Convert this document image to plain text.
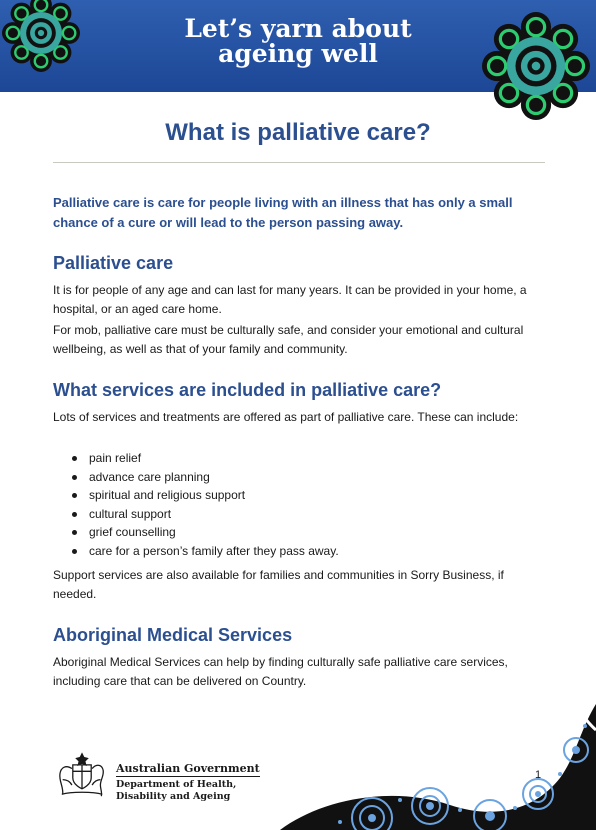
Let’s yarn about
ageing well
What is palliative care?

Palliative care is care for people living with an illness that has only a small chance of a cure or will lead to the person passing away.

Palliative care

It is for people of any age and can last for many years. It can be provided in your home, a hospital, or an aged care home.

For mob, palliative care must be culturally safe, and consider your emotional and cultural wellbeing, as well as that of your family and community.

What services are included in palliative care?

Lots of services and treatments are offered as part of palliative care. These can include:

pain relief
advance care planning
spiritual and religious support
cultural support
grief counselling
care for a person’s family after they pass away.

Support services are also available for families and communities in Sorry Business, if needed.

Aboriginal Medical Services

Aboriginal Medical Services can help by finding culturally safe palliative care services, including care that can be delivered on Country.

Australian Government
Department of Health,
Disability and Ageing
1
